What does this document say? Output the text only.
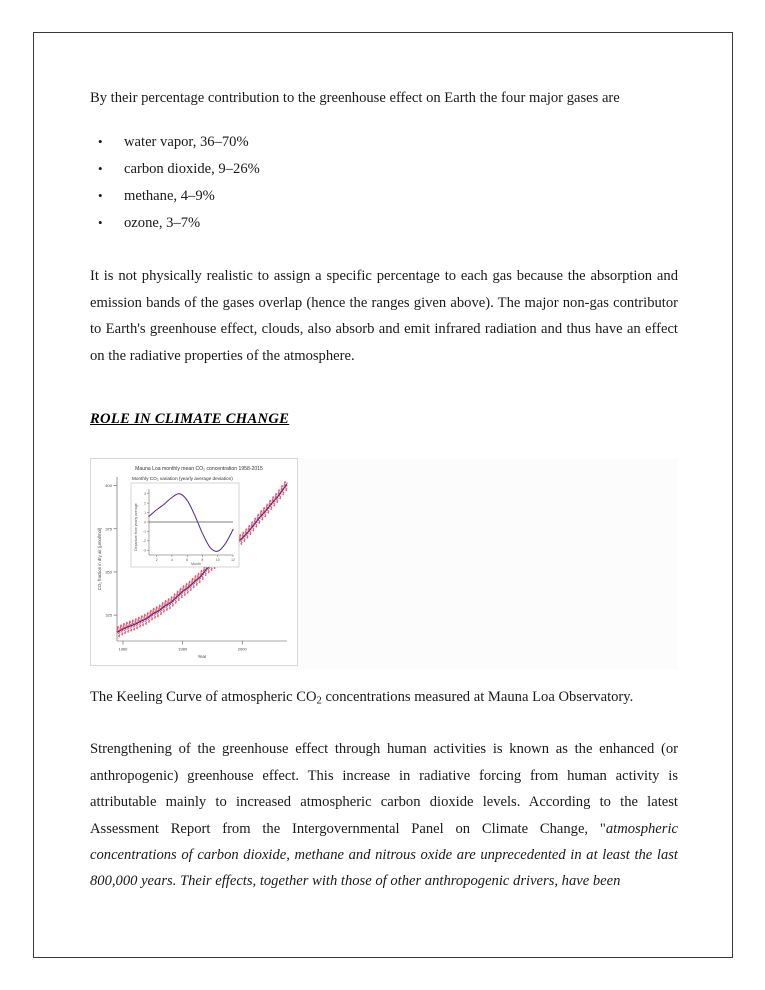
By their percentage contribution to the greenhouse effect on Earth the four major gases are

• water vapor, 36–70%
• carbon dioxide, 9–26%
• methane, 4–9%
• ozone, 3–7%

It is not physically realistic to assign a specific percentage to each gas because the absorption and emission bands of the gases overlap (hence the ranges given above). The major non-gas contributor to Earth's greenhouse effect, clouds, also absorb and emit infrared radiation and thus have an effect on the radiative properties of the atmosphere.

ROLE IN CLIMATE CHANGE
Mauna Loa monthly mean CO₂ concentration 1958-2015
CO₂ fraction in dry air (μmol/mol)
Year
325
350
375
400
1960	1980	2000
Monthly CO₂ variation (yearly average deviation)
Departure from yearly average
Month
3
2
1
0
-1
-2
-3
2	4	6	8	10	12

The Keeling Curve of atmospheric $CO_2$ concentrations measured at Mauna Loa Observatory.

Strengthening of the greenhouse effect through human activities is known as the enhanced (or anthropogenic) greenhouse effect. This increase in radiative forcing from human activity is attributable mainly to increased atmospheric carbon dioxide levels. According to the latest Assessment Report from the Intergovernmental Panel on Climate Change, "atmospheric concentrations of carbon dioxide, methane and nitrous oxide are unprecedented in at least the last 800,000 years. Their effects, together with those of other anthropogenic drivers, have been
